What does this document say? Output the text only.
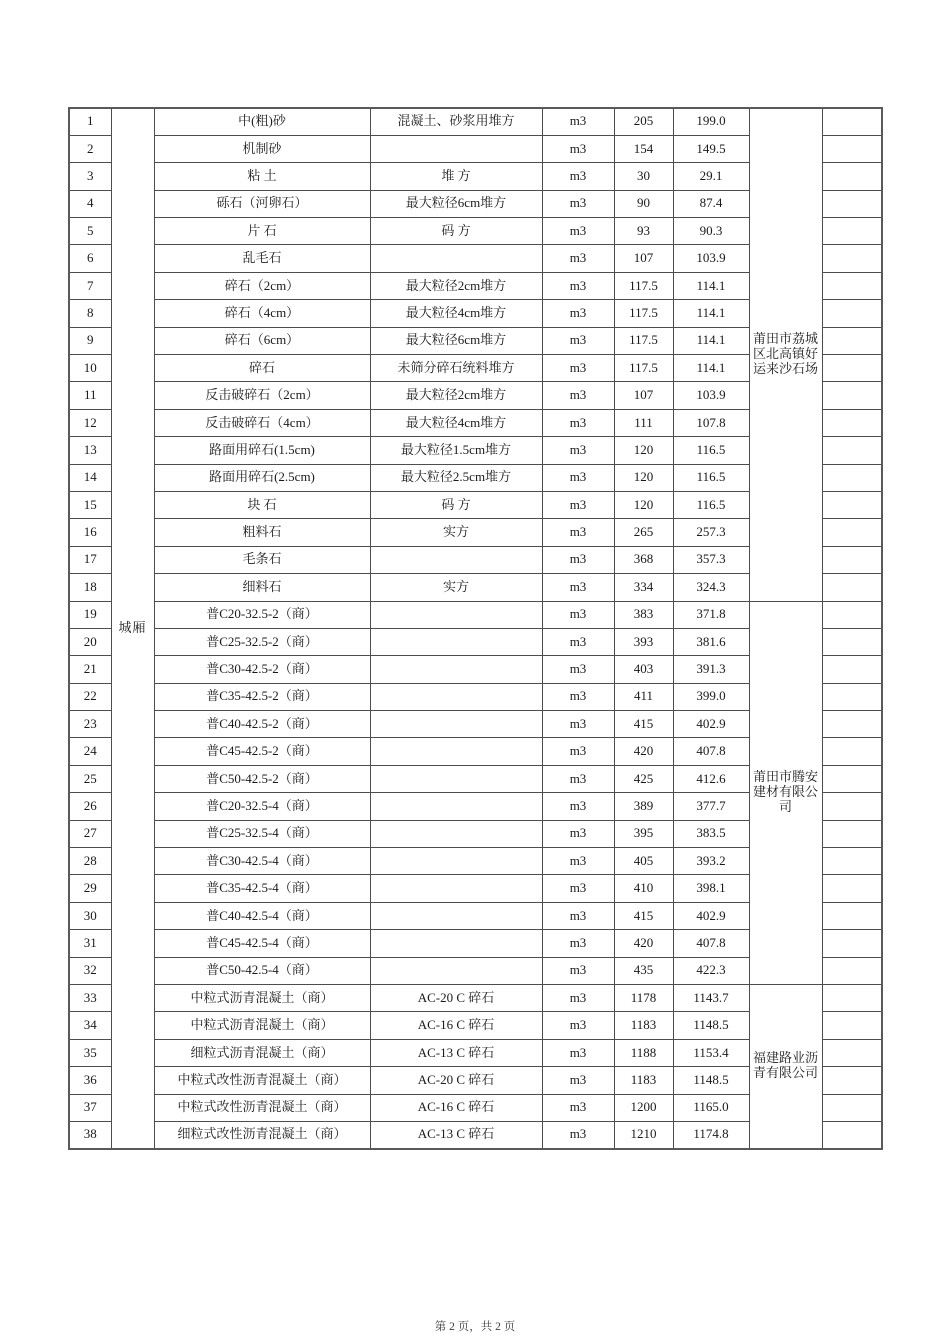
1	城厢	中(粗)砂	混凝土、砂浆用堆方	m3	205	199.0	莆田市荔城区北高镇好运来沙石场	
2		机制砂		m3	154	149.5		
3		粘 土	堆 方	m3	30	29.1		
4		砾石（河卵石）	最大粒径6cm堆方	m3	90	87.4		
5		片 石	码 方	m3	93	90.3		
6		乱毛石		m3	107	103.9		
7		碎石（2cm）	最大粒径2cm堆方	m3	117.5	114.1		
8		碎石（4cm）	最大粒径4cm堆方	m3	117.5	114.1		
9		碎石（6cm）	最大粒径6cm堆方	m3	117.5	114.1		
10		碎石	未筛分碎石统料堆方	m3	117.5	114.1		
11		反击破碎石（2cm）	最大粒径2cm堆方	m3	107	103.9		
12		反击破碎石（4cm）	最大粒径4cm堆方	m3	111	107.8		
13		路面用碎石(1.5cm)	最大粒径1.5cm堆方	m3	120	116.5		
14		路面用碎石(2.5cm)	最大粒径2.5cm堆方	m3	120	116.5		
15		块 石	码 方	m3	120	116.5		
16		粗料石	实方	m3	265	257.3		
17		毛条石		m3	368	357.3		
18		细料石	实方	m3	334	324.3		
19		普C20-32.5-2（商）		m3	383	371.8	莆田市腾安建材有限公司	
20		普C25-32.5-2（商）		m3	393	381.6		
21		普C30-42.5-2（商）		m3	403	391.3		
22		普C35-42.5-2（商）		m3	411	399.0		
23		普C40-42.5-2（商）		m3	415	402.9		
24		普C45-42.5-2（商）		m3	420	407.8		
25		普C50-42.5-2（商）		m3	425	412.6		
26		普C20-32.5-4（商）		m3	389	377.7		
27		普C25-32.5-4（商）		m3	395	383.5		
28		普C30-42.5-4（商）		m3	405	393.2		
29		普C35-42.5-4（商）		m3	410	398.1		
30		普C40-42.5-4（商）		m3	415	402.9		
31		普C45-42.5-4（商）		m3	420	407.8		
32		普C50-42.5-4（商）		m3	435	422.3		
33		中粒式沥青混凝土（商）	AC-20 C 碎石	m3	1178	1143.7	福建路业沥青有限公司	
34		中粒式沥青混凝土（商）	AC-16 C 碎石	m3	1183	1148.5		
35		细粒式沥青混凝土（商）	AC-13 C 碎石	m3	1188	1153.4		
36		中粒式改性沥青混凝土（商）	AC-20 C 碎石	m3	1183	1148.5		
37		中粒式改性沥青混凝土（商）	AC-16 C 碎石	m3	1200	1165.0		
38		细粒式改性沥青混凝土（商）	AC-13 C 碎石	m3	1210	1174.8		
第 2 页，共 2 页
